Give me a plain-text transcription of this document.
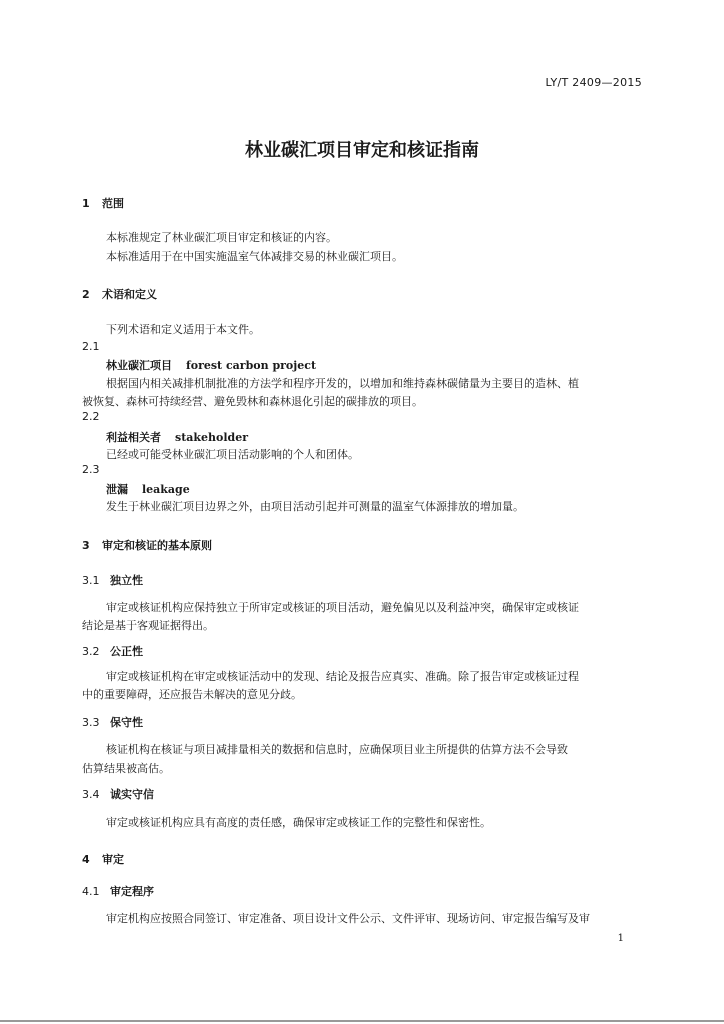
LY/T 2409—2015
林业碳汇项目审定和核证指南
1 范围
本标准规定了林业碳汇项目审定和核证的内容。
本标准适用于在中国实施温室气体减排交易的林业碳汇项目。
2 术语和定义
下列术语和定义适用于本文件。
2.1
林业碳汇项目 forest carbon project
根据国内相关减排机制批准的方法学和程序开发的，以增加和维持森林碳储量为主要目的造林、植
被恢复、森林可持续经营、避免毁林和森林退化引起的碳排放的项目。
2.2
利益相关者 stakeholder
已经或可能受林业碳汇项目活动影响的个人和团体。
2.3
泄漏 leakage
发生于林业碳汇项目边界之外，由项目活动引起并可测量的温室气体源排放的增加量。
3 审定和核证的基本原则
3.1 独立性
审定或核证机构应保持独立于所审定或核证的项目活动，避免偏见以及利益冲突，确保审定或核证
结论是基于客观证据得出。
3.2 公正性
审定或核证机构在审定或核证活动中的发现、结论及报告应真实、准确。除了报告审定或核证过程
中的重要障碍，还应报告未解决的意见分歧。
3.3 保守性
核证机构在核证与项目减排量相关的数据和信息时，应确保项目业主所提供的估算方法不会导致
估算结果被高估。
3.4 诚实守信
审定或核证机构应具有高度的责任感，确保审定或核证工作的完整性和保密性。
4 审定
4.1 审定程序
审定机构应按照合同签订、审定准备、项目设计文件公示、文件评审、现场访问、审定报告编写及审
1
